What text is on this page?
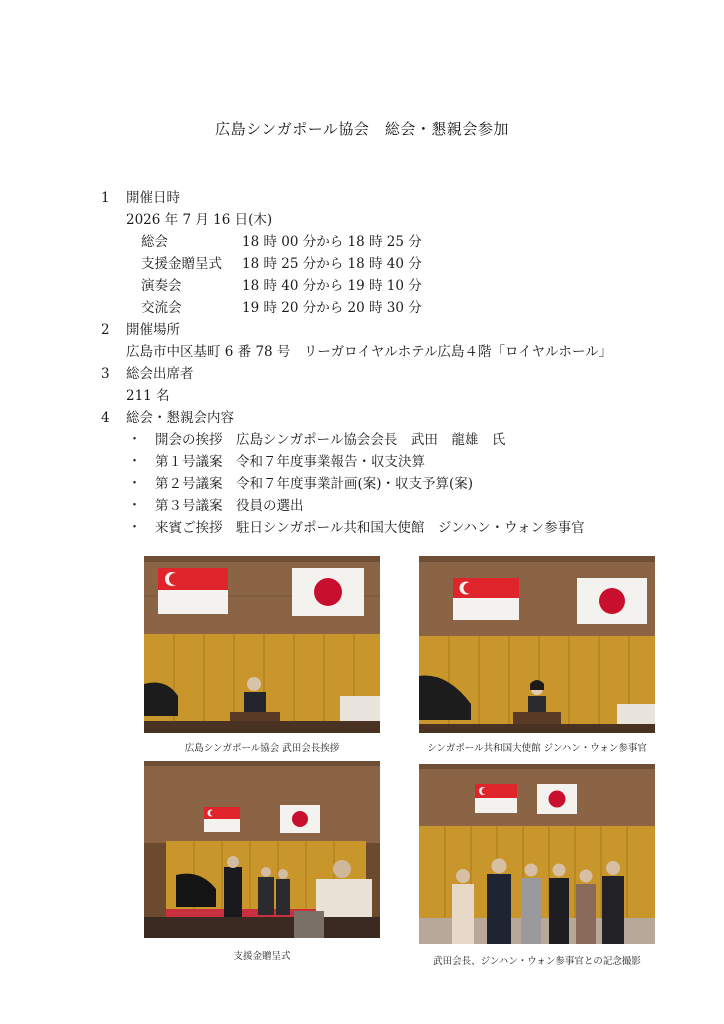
広島シンガポール協会　総会・懇親会参加
1 開催日時
2026 年 7 月 16 日(木)
総会	18 時 00 分から 18 時 25 分
支援金贈呈式 18 時 25 分から 18 時 40 分
演奏会	18 時 40 分から 19 時 10 分
交流会	19 時 20 分から 20 時 30 分
2 開催場所
広島市中区基町 6 番 78 号　リーガロイヤルホテル広島４階「ロイヤルホール」
3 総会出席者
211 名
4 総会・懇親会内容
・ 開会の挨拶　広島シンガポール協会会長　武田　龍雄　氏
・ 第１号議案　令和７年度事業報告・収支決算
・ 第２号議案　令和７年度事業計画(案)・収支予算(案)
・ 第３号議案　役員の選出
・ 来賓ご挨拶　駐日シンガポール共和国大使館　ジンハン・ウォン参事官
広島シンガポール協会 武田会長挨拶	シンガポール共和国大使館 ジンハン・ウォン参事官
支援金贈呈式	武田会長、ジンハン・ウォン参事官との記念撮影
